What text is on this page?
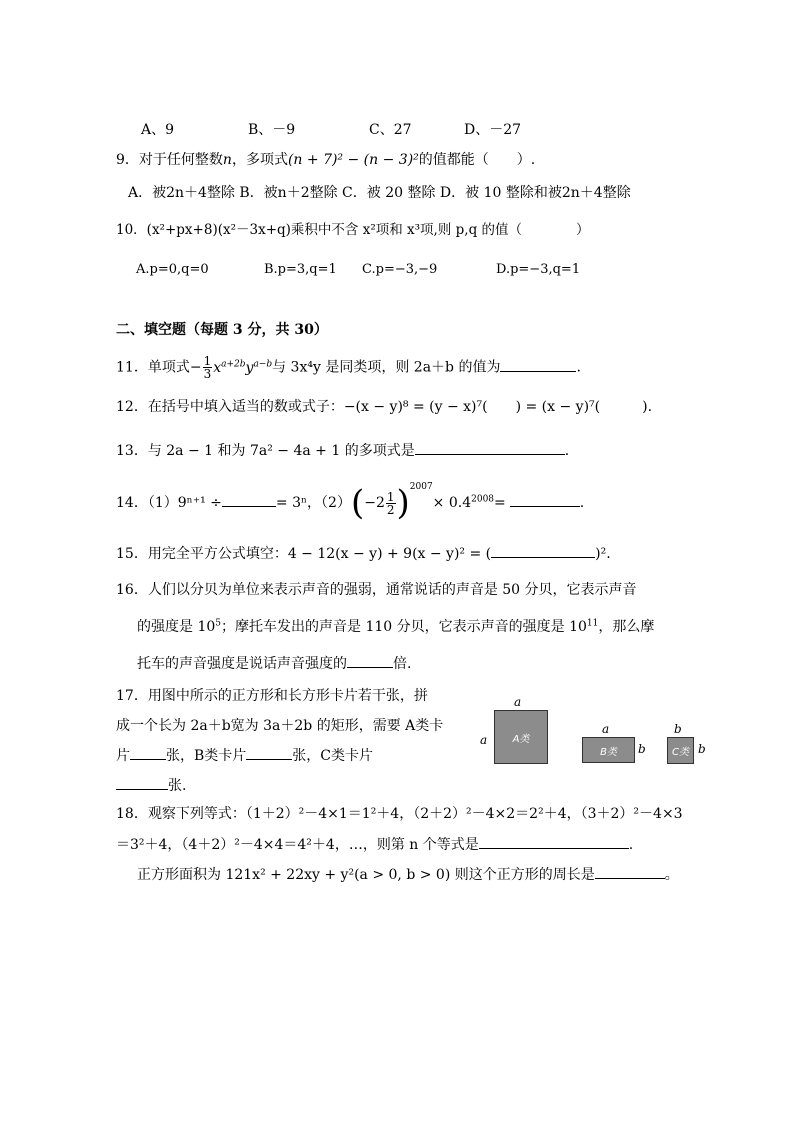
A、9	B、－9	C、27	D、－27
9．对于任何整数n，多项式(n + 7)² − (n − 3)²的值都能（　　）.
A．被2n＋4整除 B．被n＋2整除 C．被 20 整除 D．被 10 整除和被2n＋4整除
10．(x²+px+8)(x²－3x+q)乘积中不含 x²项和 x³项,则 p,q 的值（　　　　）
A.p=0,q=0	B.p=3,q=1 C.p=−3,−9	D.p=−3,q=1
二、填空题（每题 3 分，共 30）
11．单项式− $\frac{1}{3} x^{a+2b}y^{a-b}$与 3x⁴y 是同类项，则 2a＋b 的值为	.
12．在括号中填入适当的数或式子：−(x − y)⁸ = (y − x)⁷(　　) = (x − y)⁷(　　　).
13．与 2a − 1 和为 7a² − 4a + 1 的多项式是	.
14．（1）9ⁿ⁺¹ ÷	= 3ⁿ，$(2)(-2 \frac{1}{2} )^{2007}\times 0.4^{2008}=$	.
15．用完全平方公式填空：4 − 12(x − y) + 9(x − y)² = (	)².
16．人们以分贝为单位来表示声音的强弱，通常说话的声音是 50 分贝，它表示声音
的强度是 $10^5$；摩托车发出的声音是 110 分贝，它表示声音的强度是 $10^{11}$，那么摩
托车的声音强度是说话声音强度的	倍.
17．用图中所示的正方形和长方形卡片若干张，拼
成一个长为 2a＋b宽为 3a＋2b 的矩形，需要 A类卡
片	张，B类卡片	张，C类卡片
张.
a
a	A类
a
b
B类
b
b
C类
18．观察下列等式：（1＋2）²－4×1＝1²＋4，（2＋2）²－4×2＝2²＋4，（3＋2）²－4×3
＝3²＋4，（4＋2）²－4×4＝4²＋4，…，则第 n 个等式是	.
正方形面积为 121x² + 22xy + y²(a > 0, b > 0) 则这个正方形的周长是	。
